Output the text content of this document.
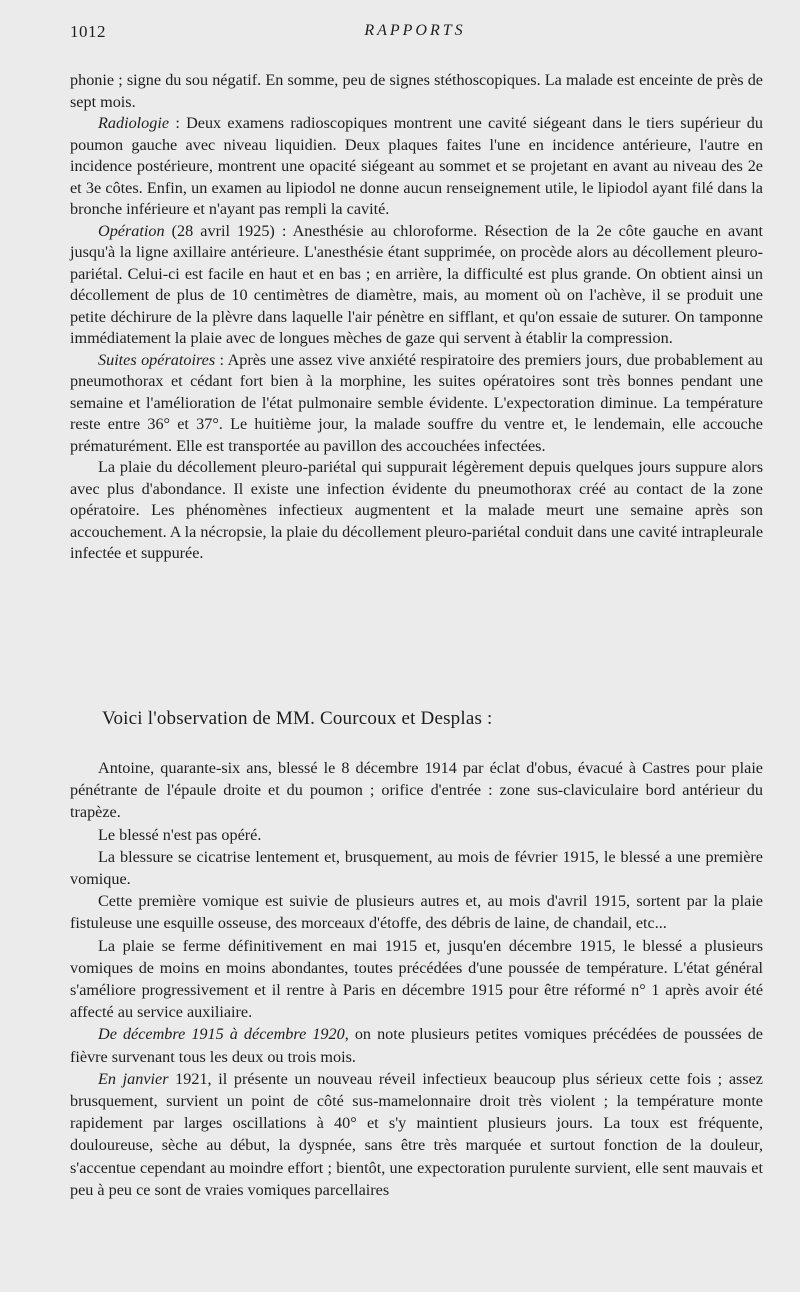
1012	RAPPORTS

phonie ; signe du sou négatif. En somme, peu de signes stéthoscopiques. La malade est enceinte de près de sept mois.

Radiologie : Deux examens radioscopiques montrent une cavité siégeant dans le tiers supérieur du poumon gauche avec niveau liquidien. Deux plaques faites l'une en incidence antérieure, l'autre en incidence postérieure, montrent une opacité siégeant au sommet et se projetant en avant au niveau des 2e et 3e côtes. Enfin, un examen au lipiodol ne donne aucun renseignement utile, le lipiodol ayant filé dans la bronche inférieure et n'ayant pas rempli la cavité.

Opération (28 avril 1925) : Anesthésie au chloroforme. Résection de la 2e côte gauche en avant jusqu'à la ligne axillaire antérieure. L'anesthésie étant supprimée, on procède alors au décollement pleuro-pariétal. Celui-ci est facile en haut et en bas ; en arrière, la difficulté est plus grande. On obtient ainsi un décollement de plus de 10 centimètres de diamètre, mais, au moment où on l'achève, il se produit une petite déchirure de la plèvre dans laquelle l'air pénètre en sifflant, et qu'on essaie de suturer. On tamponne immédiatement la plaie avec de longues mèches de gaze qui servent à établir la compression.

Suites opératoires : Après une assez vive anxiété respiratoire des premiers jours, due probablement au pneumothorax et cédant fort bien à la morphine, les suites opératoires sont très bonnes pendant une semaine et l'amélioration de l'état pulmonaire semble évidente. L'expectoration diminue. La température reste entre 36° et 37°. Le huitième jour, la malade souffre du ventre et, le lendemain, elle accouche prématurément. Elle est transportée au pavillon des accouchées infectées.

La plaie du décollement pleuro-pariétal qui suppurait légèrement depuis quelques jours suppure alors avec plus d'abondance. Il existe une infection évidente du pneumothorax créé au contact de la zone opératoire. Les phénomènes infectieux augmentent et la malade meurt une semaine après son accouchement. A la nécropsie, la plaie du décollement pleuro-pariétal conduit dans une cavité intrapleurale infectée et suppurée.

Voici l'observation de MM. Courcoux et Desplas :

Antoine, quarante-six ans, blessé le 8 décembre 1914 par éclat d'obus, évacué à Castres pour plaie pénétrante de l'épaule droite et du poumon ; orifice d'entrée : zone sus-claviculaire bord antérieur du trapèze.

Le blessé n'est pas opéré.

La blessure se cicatrise lentement et, brusquement, au mois de février 1915, le blessé a une première vomique.

Cette première vomique est suivie de plusieurs autres et, au mois d'avril 1915, sortent par la plaie fistuleuse une esquille osseuse, des morceaux d'étoffe, des débris de laine, de chandail, etc...

La plaie se ferme définitivement en mai 1915 et, jusqu'en décembre 1915, le blessé a plusieurs vomiques de moins en moins abondantes, toutes précédées d'une poussée de température. L'état général s'améliore progressivement et il rentre à Paris en décembre 1915 pour être réformé n° 1 après avoir été affecté au service auxiliaire.

De décembre 1915 à décembre 1920, on note plusieurs petites vomiques précédées de poussées de fièvre survenant tous les deux ou trois mois.

En janvier 1921, il présente un nouveau réveil infectieux beaucoup plus sérieux cette fois ; assez brusquement, survient un point de côté sus-mamelonnaire droit très violent ; la température monte rapidement par larges oscillations à 40° et s'y maintient plusieurs jours. La toux est fréquente, douloureuse, sèche au début, la dyspnée, sans être très marquée et surtout fonction de la douleur, s'accentue cependant au moindre effort ; bientôt, une expectoration purulente survient, elle sent mauvais et peu à peu ce sont de vraies vomiques parcellaires
